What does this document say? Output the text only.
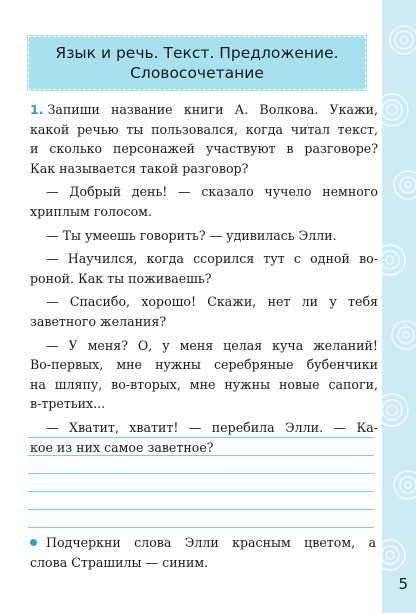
5
Язык и речь. Текст. Предложение.
Словосочетание

1. Запиши название книги А. Волкова. Укажи,

какой речью ты пользовался, когда читал текст,

и сколько персонажей участвуют в разговоре?

Как называется такой разговор?

— Добрый день! — сказало чучело немного

хриплым голосом.

— Ты умеешь говорить? — удивилась Элли.

— Научился, когда ссорился тут с одной во-

роной. Как ты поживаешь?

— Спасибо, хорошо! Скажи, нет ли у тебя

заветного желания?

— У меня? О, у меня целая куча желаний!

Во-первых, мне нужны серебряные бубенчики

на шляпу, во-вторых, мне нужны новые сапоги,

в-третьих...

— Хватит, хватит! — перебила Элли. — Ка-

кое из них самое заветное?

Подчеркни слова Элли красным цветом, а
слова Страшилы — синим.
